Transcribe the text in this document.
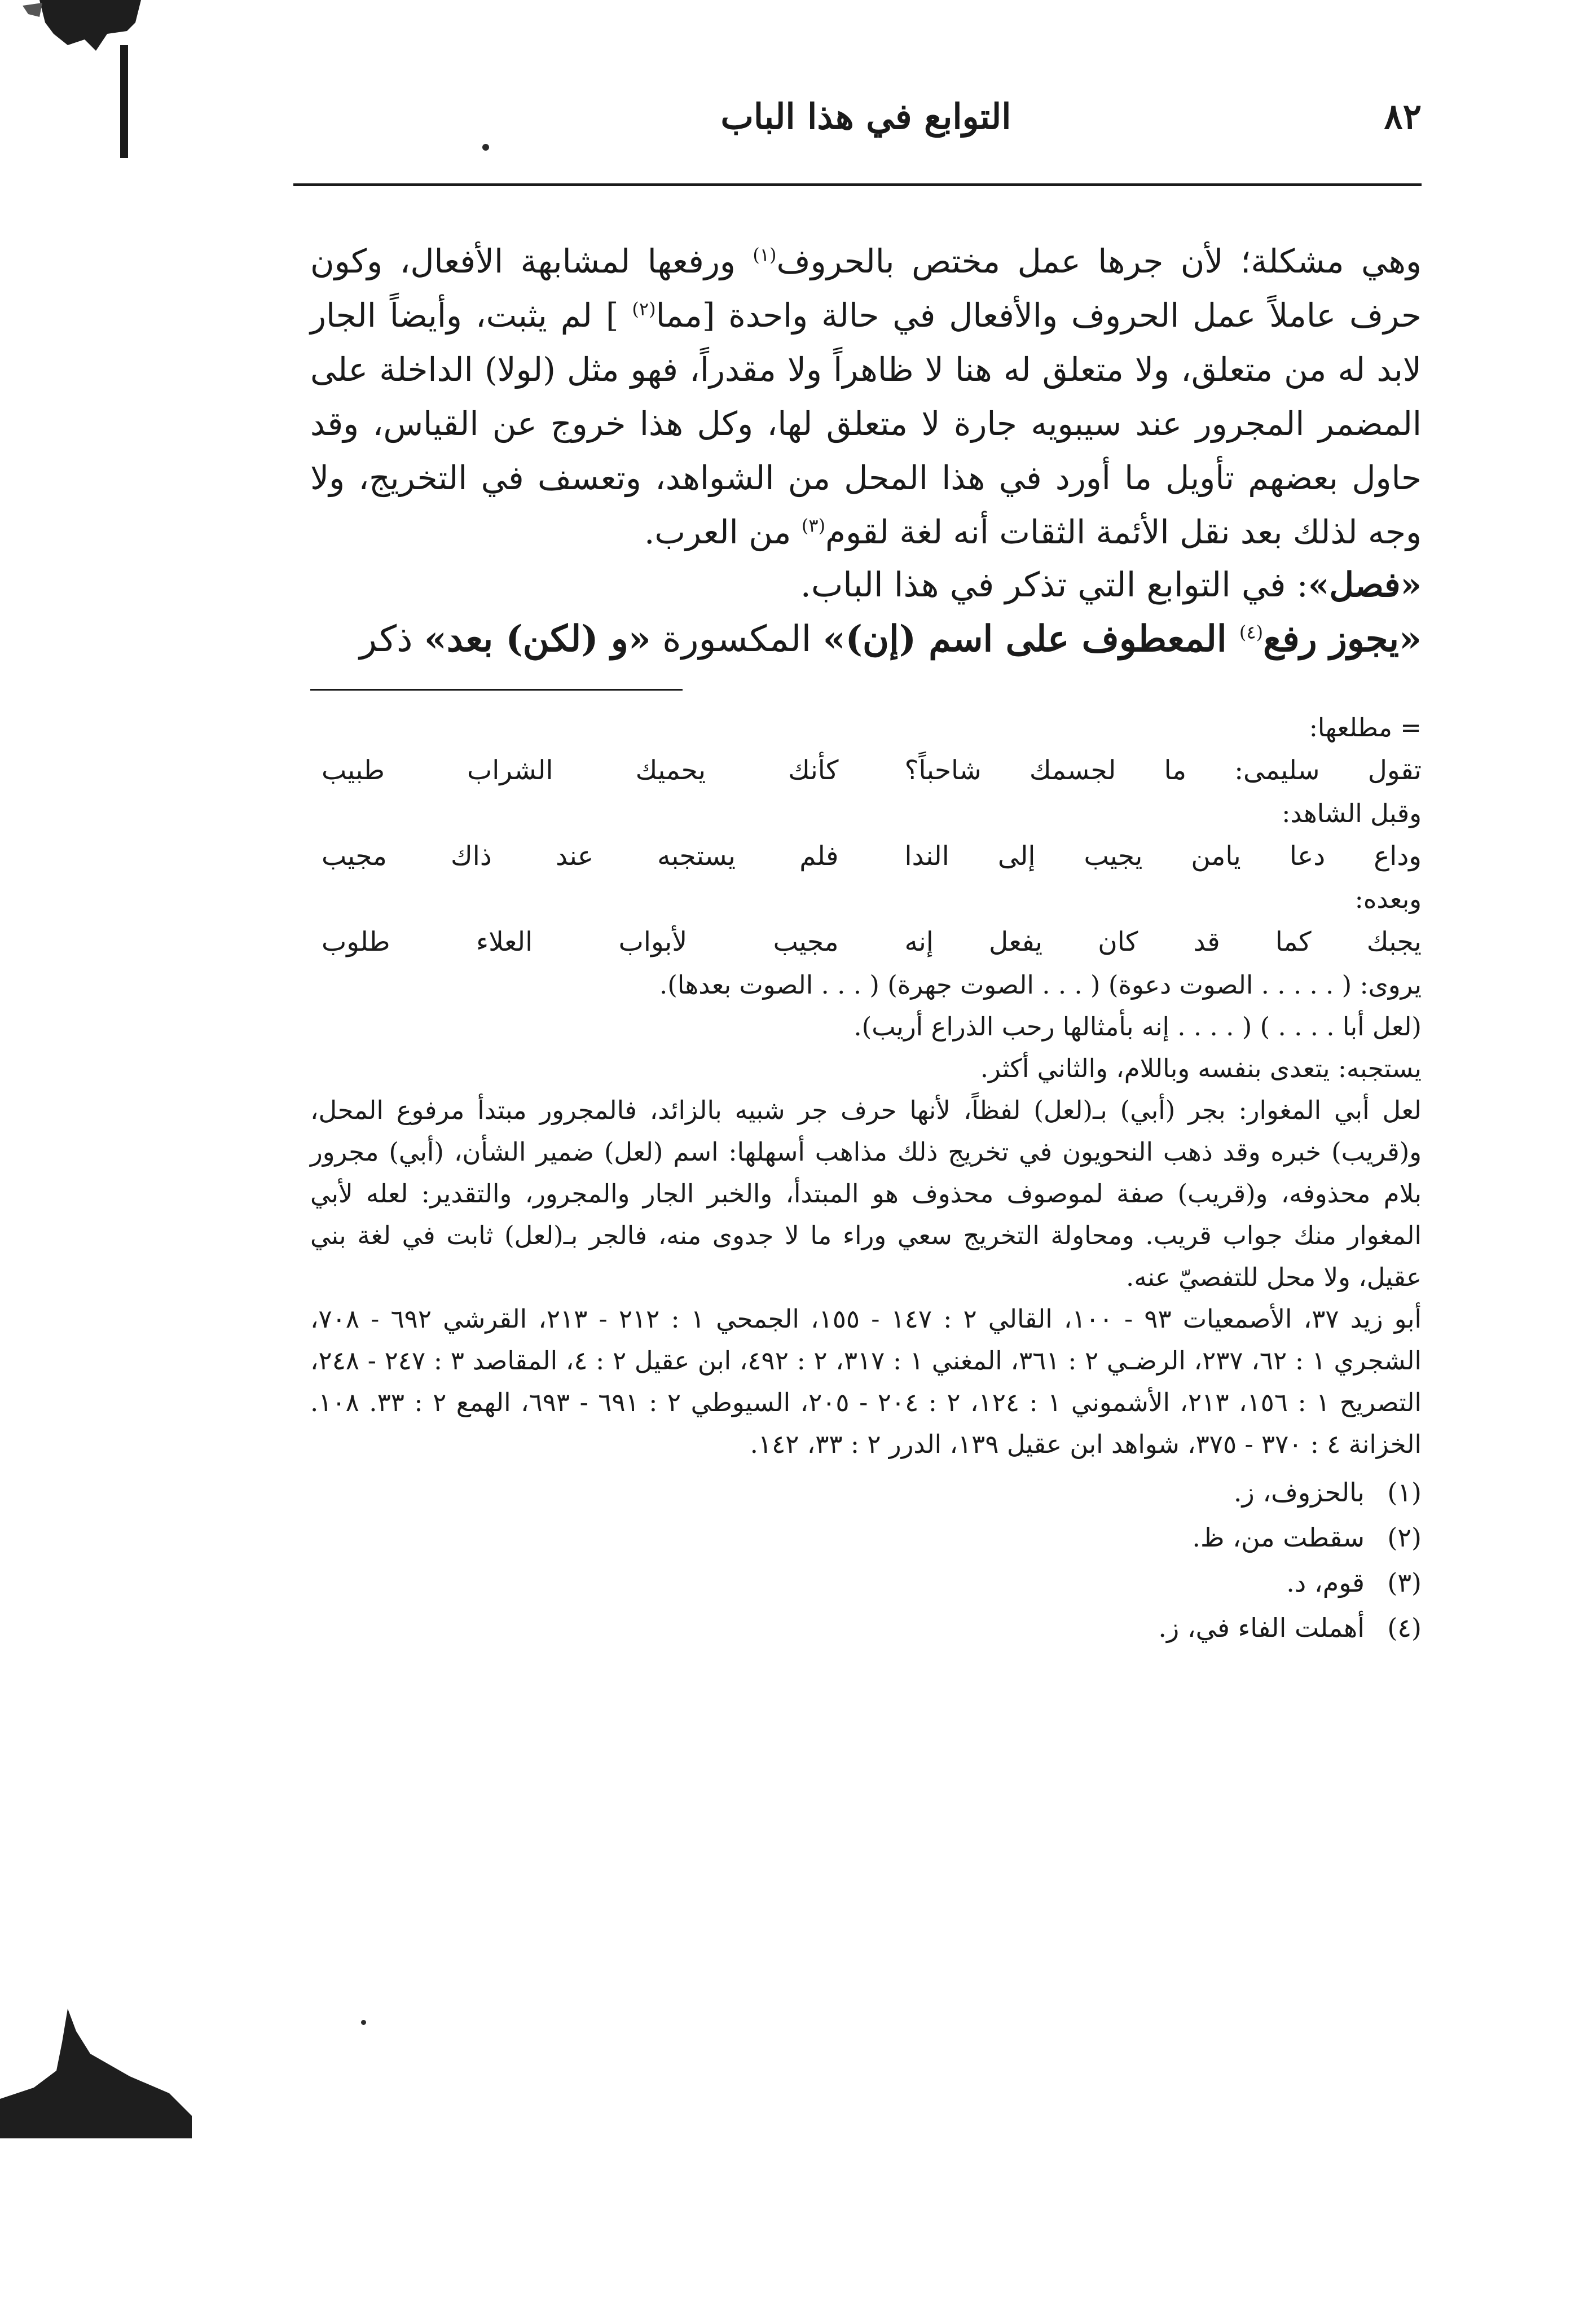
٨٢
التوابع في هذا الباب

وهي مشكلة؛ لأن جرها عمل مختص بالحروف$^{(١)}$ ورفعها لمشابهة الأفعال، وكون حرف عاملاً عمل الحروف والأفعال في حالة واحدة [مما$^{(٢)}$ ] لم يثبت، وأيضاً الجار لابد له من متعلق، ولا متعلق له هنا لا ظاهراً ولا مقدراً، فهو مثل (لولا) الداخلة على المضمر المجرور عند سيبويه جارة لا متعلق لها، وكل هذا خروج عن القياس، وقد حاول بعضهم تأويل ما أورد في هذا المحل من الشواهد، وتعسف في التخريج، ولا وجه لذلك بعد نقل الأئمة الثقات أنه لغة لقوم$^{(٣)}$ من العرب.

«فصل»: في التوابع التي تذكر في هذا الباب.

«يجوز رفع$^{(٤)}$ المعطوف على اسم (إن)» المكسورة «و (لكن) بعد» ذكر

= مطلعها:

تقول سليمى: ما لجسمك شاحباً؟
كأنك يحميك الشراب طبيب

وقبل الشاهد:

وداع دعا يامن يجيب إلى الندا
فلم يستجبه عند ذاك مجيب

وبعده:

يجبك كما قد كان يفعل إنه
مجيب لأبواب العلاء طلوب

يروى: ( . . . . . الصوت دعوة) ( . . . الصوت جهرة) ( . . . الصوت بعدها).

(لعل أبا . . . . ) ( . . . . إنه بأمثالها رحب الذراع أريب).

يستجبه: يتعدى بنفسه وباللام، والثاني أكثر.

لعل أبي المغوار: بجر (أبي) بـ(لعل) لفظاً، لأنها حرف جر شبيه بالزائد، فالمجرور مبتدأ مرفوع المحل، و(قريب) خبره وقد ذهب النحويون في تخريج ذلك مذاهب أسهلها: اسم (لعل) ضمير الشأن، (أبي) مجرور بلام محذوفه، و(قريب) صفة لموصوف محذوف هو المبتدأ، والخبر الجار والمجرور، والتقدير: لعله لأبي المغوار منك جواب قريب. ومحاولة التخريج سعي وراء ما لا جدوى منه، فالجر بـ(لعل) ثابت في لغة بني عقيل، ولا محل للتفصيّ عنه.

أبو زيد ٣٧، الأصمعيات ٩٣ - ١٠٠، القالي ٢ : ١٤٧ - ١٥٥، الجمحي ١ : ٢١٢ - ٢١٣، القرشي ٦٩٢ - ٧٠٨، الشجري ١ : ٦٢، ٢٣٧، الرضـي ٢ : ٣٦١، المغني ١ : ٣١٧، ٢ : ٤٩٢، ابن عقيل ٢ : ٤، المقاصد ٣ : ٢٤٧ - ٢٤٨، التصريح ١ : ١٥٦، ٢١٣، الأشموني ١ : ١٢٤، ٢ : ٢٠٤ - ٢٠٥، السيوطي ٢ : ٦٩١ - ٦٩٣، الهمع ٢ : ٣٣. ١٠٨. الخزانة ٤ : ٣٧٠ - ٣٧٥، شواهد ابن عقيل ١٣٩، الدرر ٢ : ٣٣، ١٤٢.

(١)
بالحزوف، ز.
(٢)
سقطت من، ظ.
(٣)
قوم، د.
(٤)
أهملت الفاء في، ز.
